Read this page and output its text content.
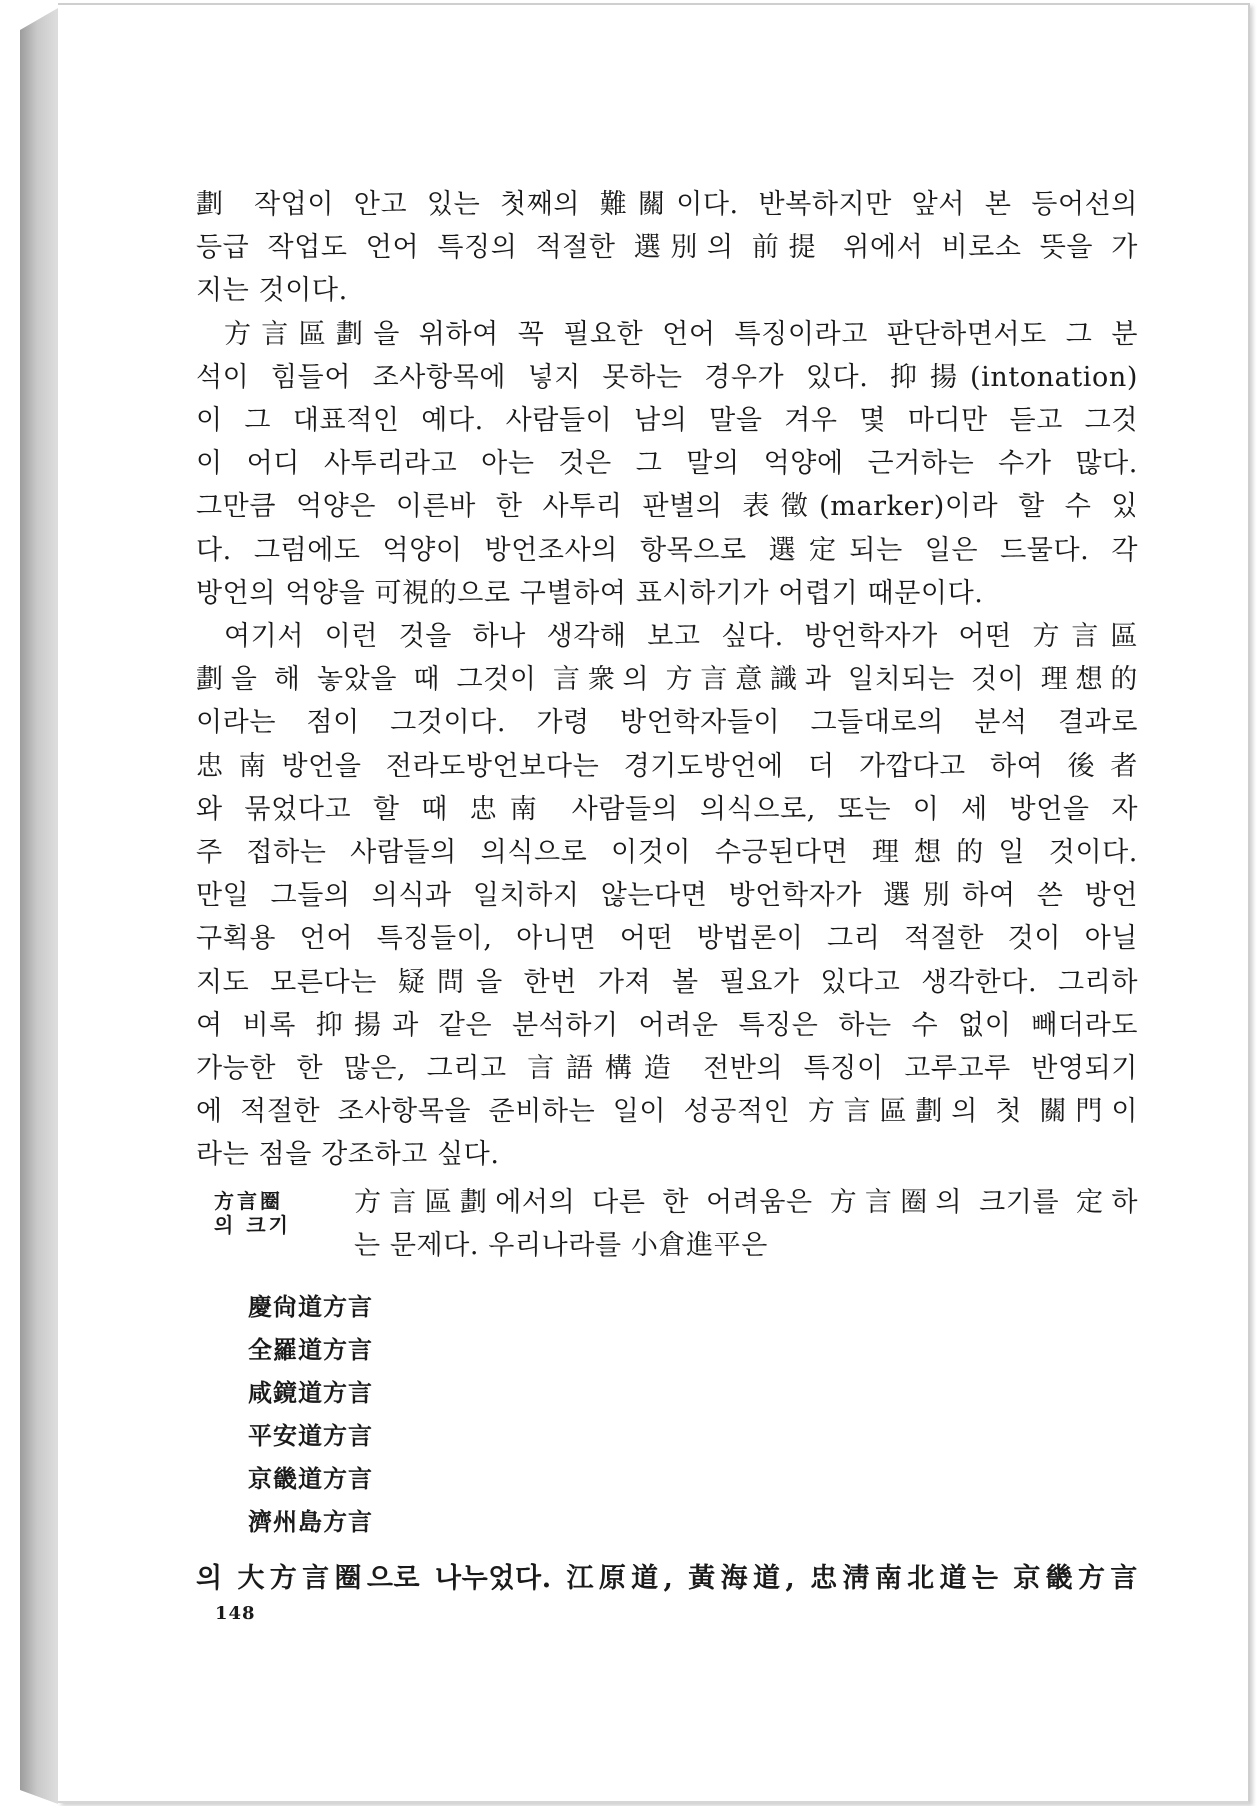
劃 작업이 안고 있는 첫째의 難關이다. 반복하지만 앞서 본 등어선의
등급 작업도 언어 특징의 적절한 選別의 前提 위에서 비로소 뜻을 가
지는 것이다.

方言區劃을 위하여 꼭 필요한 언어 특징이라고 판단하면서도 그 분
석이 힘들어 조사항목에 넣지 못하는 경우가 있다. 抑揚(intonation)
이 그 대표적인 예다. 사람들이 남의 말을 겨우 몇 마디만 듣고 그것
이 어디 사투리라고 아는 것은 그 말의 억양에 근거하는 수가 많다.
그만큼 억양은 이른바 한 사투리 판별의 表徵(marker)이라 할 수 있
다. 그럼에도 억양이 방언조사의 항목으로 選定되는 일은 드물다. 각
방언의 억양을 可視的으로 구별하여 표시하기가 어렵기 때문이다.

여기서 이런 것을 하나 생각해 보고 싶다. 방언학자가 어떤 方言區
劃을 해 놓았을 때 그것이 言衆의 方言意識과 일치되는 것이 理想的
이라는 점이 그것이다. 가령 방언학자들이 그들대로의 분석 결과로
忠南방언을 전라도방언보다는 경기도방언에 더 가깝다고 하여 後者
와 묶었다고 할 때 忠南 사람들의 의식으로, 또는 이 세 방언을 자
주 접하는 사람들의 의식으로 이것이 수긍된다면 理想的일 것이다.
만일 그들의 의식과 일치하지 않는다면 방언학자가 選別하여 쓴 방언
구획용 언어 특징들이, 아니면 어떤 방법론이 그리 적절한 것이 아닐
지도 모른다는 疑問을 한번 가져 볼 필요가 있다고 생각한다. 그리하
여 비록 抑揚과 같은 분석하기 어려운 특징은 하는 수 없이 빼더라도
가능한 한 많은, 그리고 言語構造 전반의 특징이 고루고루 반영되기
에 적절한 조사항목을 준비하는 일이 성공적인 方言區劃의 첫 關門이
라는 점을 강조하고 싶다.

方言圈
의 크기
方言區劃에서의 다른 한 어려움은 方言圈의 크기를 定하
는 문제다. 우리나라를 小倉進平은
慶尙道方言
全羅道方言
咸鏡道方言
平安道方言
京畿道方言
濟州島方言
의 大方言圈으로 나누었다. 江原道, 黃海道, 忠淸南北道는 京畿方言
148
